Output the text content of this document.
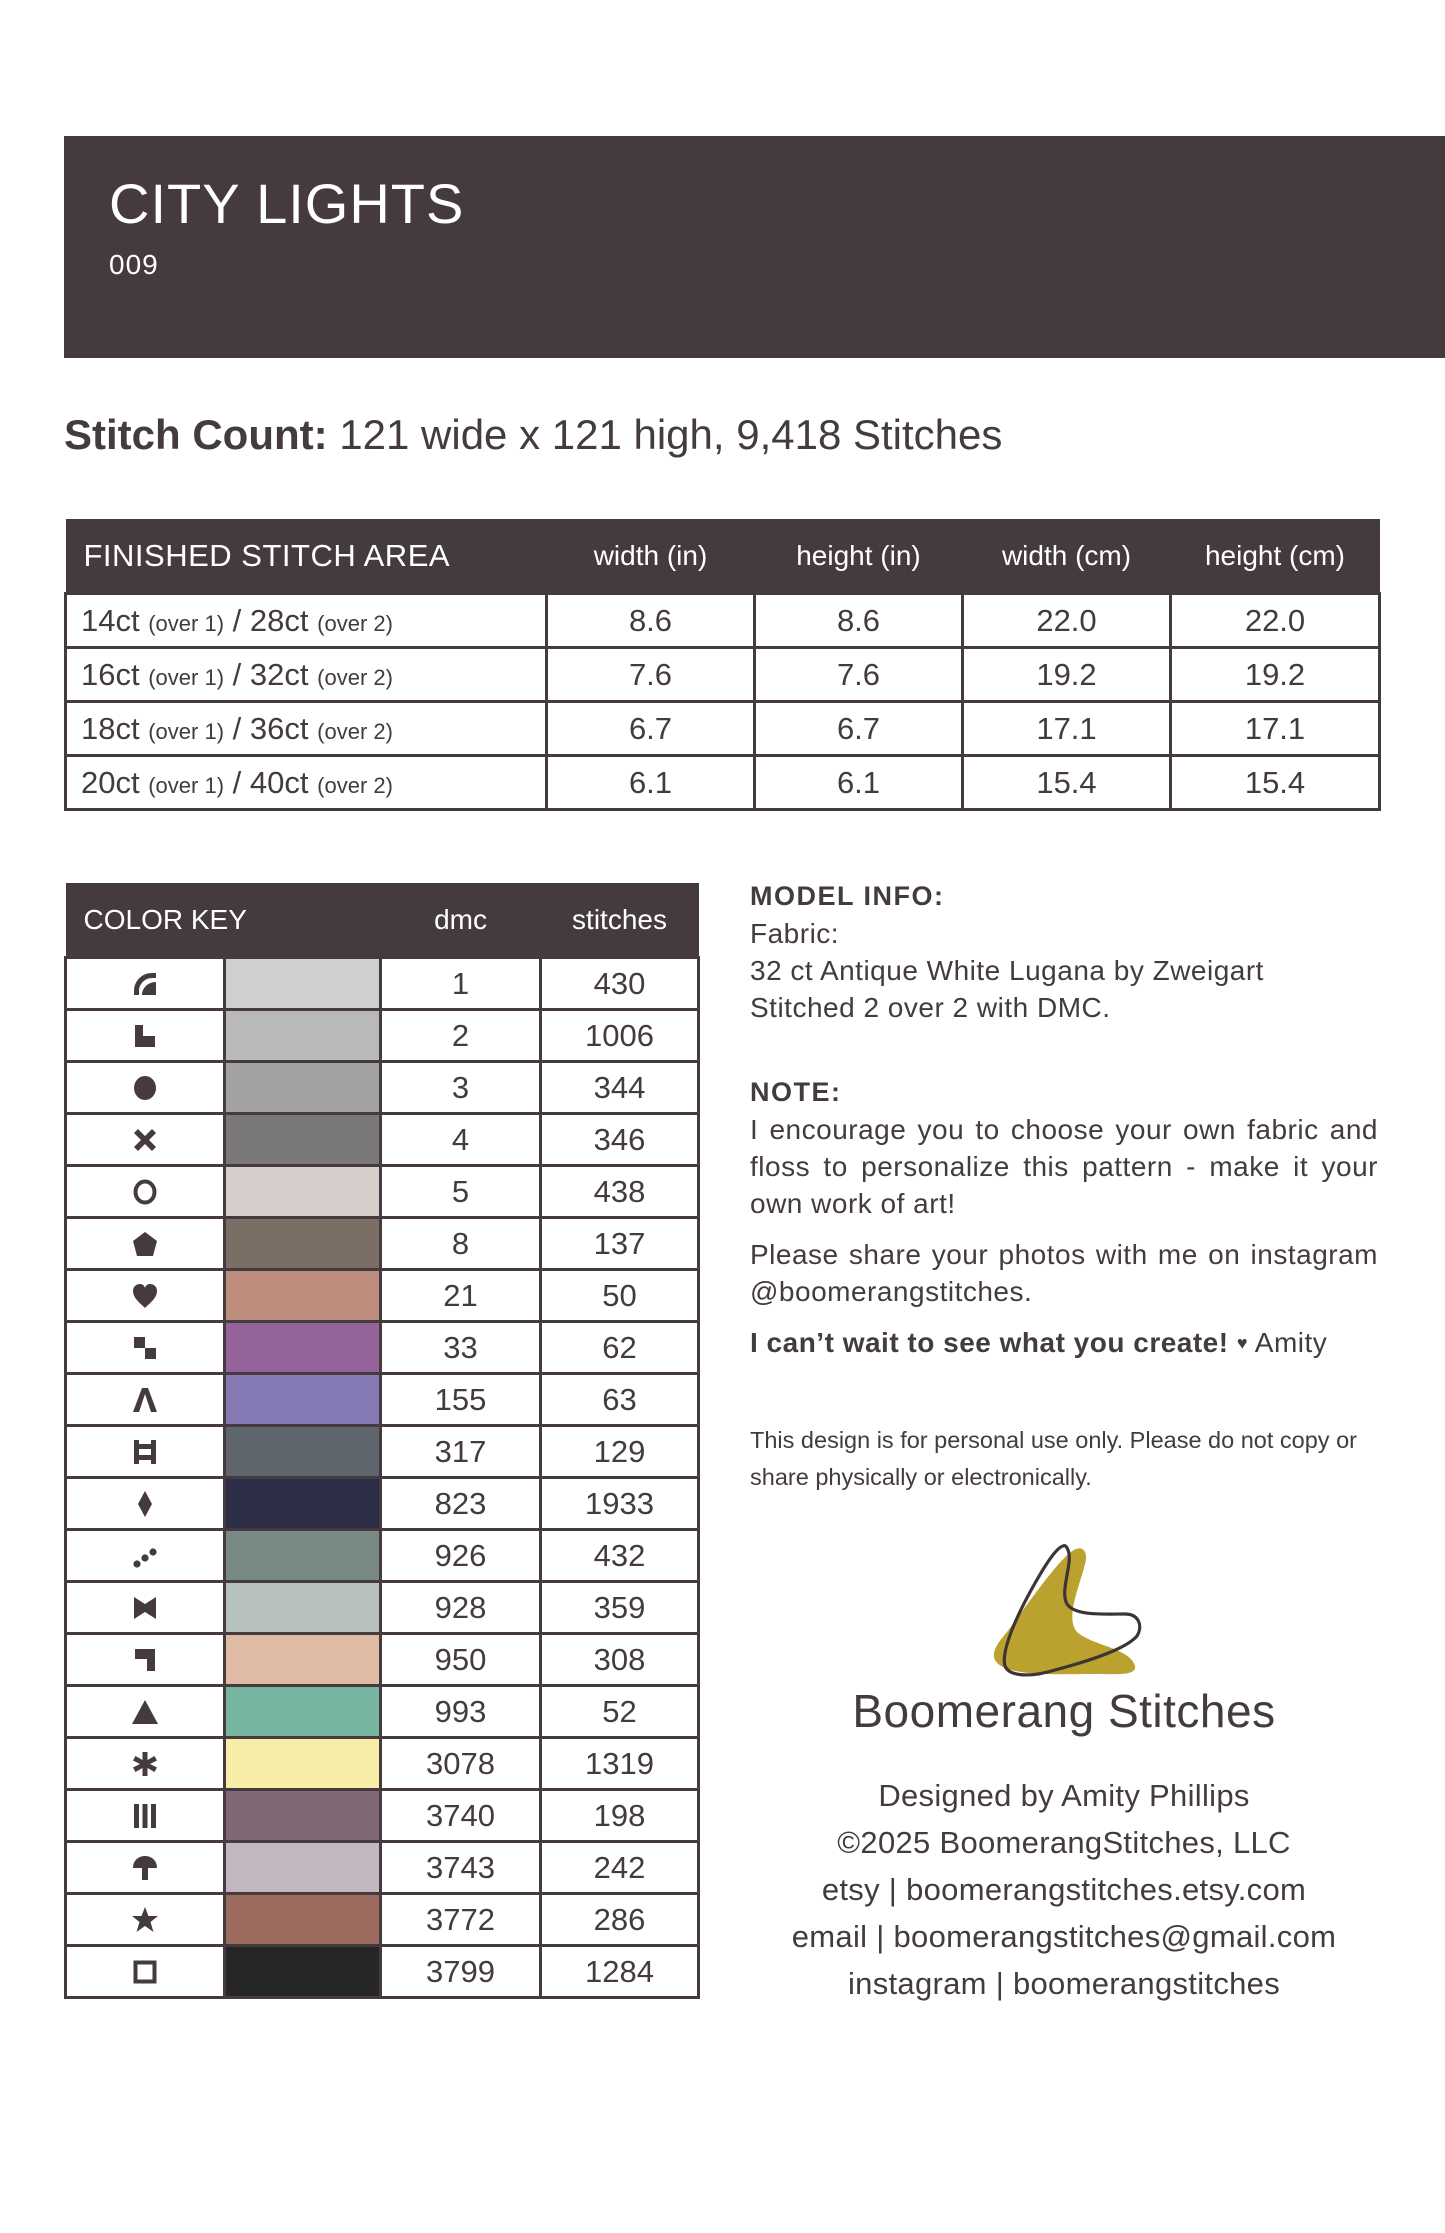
CITY LIGHTS
009
Stitch Count: 121 wide x 121 high, 9,418 Stitches
FINISHED STITCH AREA	width (in)	height (in)	width (cm)	height (cm)
14ct (over 1) / 28ct (over 2)	8.6	8.6	22.0	22.0
16ct (over 1) / 32ct (over 2)	7.6	7.6	19.2	19.2
18ct (over 1) / 36ct (over 2)	6.7	6.7	17.1	17.1
20ct (over 1) / 40ct (over 2)	6.1	6.1	15.4	15.4
COLOR KEY		dmc	stitches

		1	430

		2	1006

		3	344

		4	346

		5	438

		8	137

		21	50

		33	62

		155	63

		317	129

		823	1933

		926	432

		928	359

		950	308

		993	52

		3078	1319

		3740	198

		3743	242

		3772	286

		3799	1284
MODEL INFO:
Fabric:
32 ct Antique White Lugana by Zweigart
Stitched 2 over 2 with DMC.
NOTE:
I encourage you to choose your own fabric and floss to personalize this pattern - make it your own work of art!
Please share your photos with me on instagram @boomerangstitches.
I can’t wait to see what you create! ♥ Amity
This design is for personal use only. Please do not copy or share physically or electronically.
Boomerang Stitches
Designed by Amity Phillips
©2025 BoomerangStitches, LLC
etsy | boomerangstitches.etsy.com
email | boomerangstitches@gmail.com
instagram | boomerangstitches
